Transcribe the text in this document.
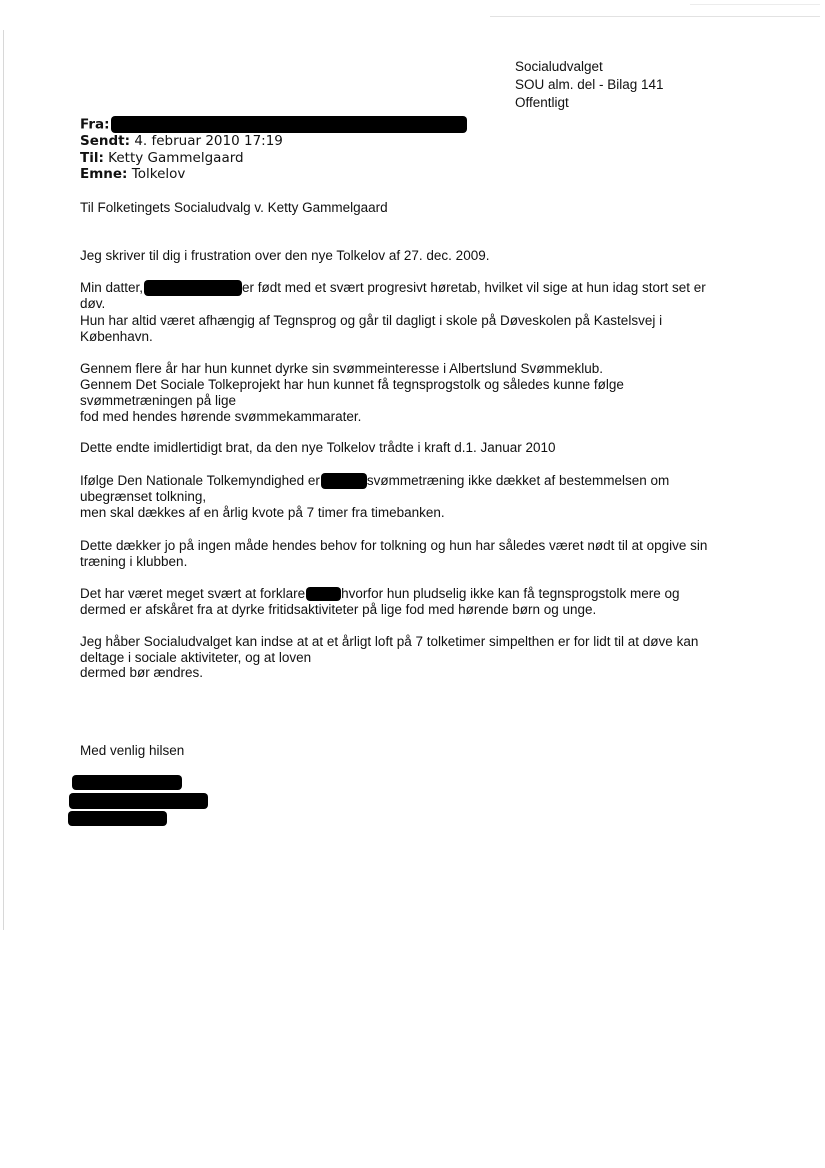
Socialudvalget
SOU alm. del - Bilag 141
Offentligt
Fra:
Sendt: 4. februar 2010 17:19
Til: Ketty Gammelgaard
Emne: Tolkelov
Til Folketingets Socialudvalg v. Ketty Gammelgaard
Jeg skriver til dig i frustration over den nye Tolkelov af 27. dec. 2009.
Min datter,	er født med et svært progresivt høretab, hvilket vil sige at hun idag stort set er
døv.
Hun har altid været afhængig af Tegnsprog og går til dagligt i skole på Døveskolen på Kastelsvej i
København.
Gennem flere år har hun kunnet dyrke sin svømmeinteresse i Albertslund Svømmeklub.
Gennem Det Sociale Tolkeprojekt har hun kunnet få tegnsprogstolk og således kunne følge
svømmetræningen på lige
fod med hendes hørende svømmekammarater.
Dette endte imidlertidigt brat, da den nye Tolkelov trådte i kraft d.1. Januar 2010
Ifølge Den Nationale Tolkemyndighed er	svømmetræning ikke dækket af bestemmelsen om
ubegrænset tolkning,
men skal dækkes af en årlig kvote på 7 timer fra timebanken.
Dette dækker jo på ingen måde hendes behov for tolkning og hun har således været nødt til at opgive sin
træning i klubben.
Det har været meget svært at forklare	hvorfor hun pludselig ikke kan få tegnsprogstolk mere og
dermed er afskåret fra at dyrke fritidsaktiviteter på lige fod med hørende børn og unge.
Jeg håber Socialudvalget kan indse at at et årligt loft på 7 tolketimer simpelthen er for lidt til at døve kan
deltage i sociale aktiviteter, og at loven
dermed bør ændres.
Med venlig hilsen
